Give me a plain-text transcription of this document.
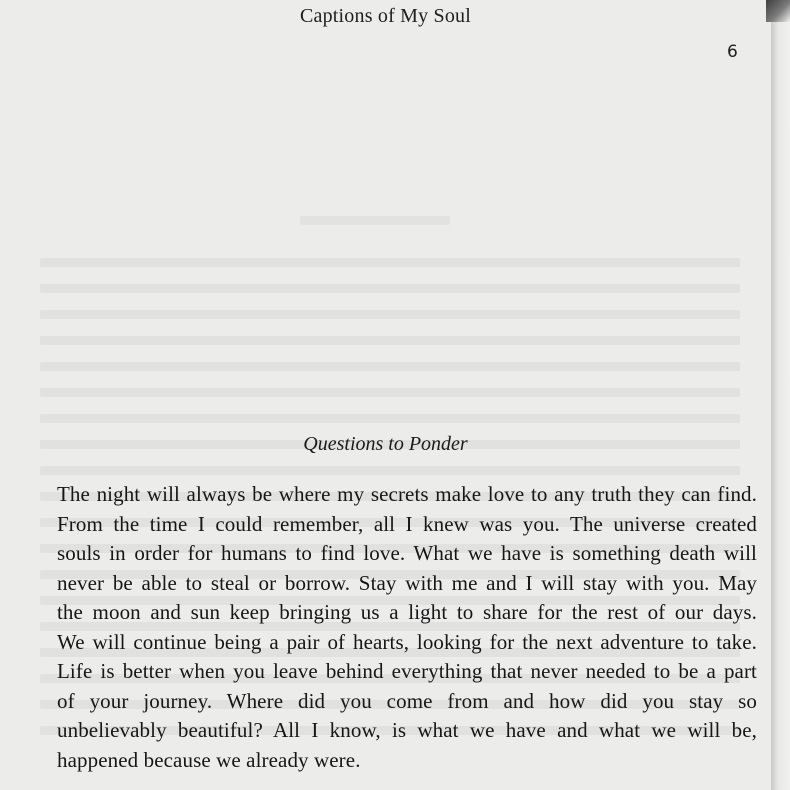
Captions of My Soul
6
Questions to Ponder
The night will always be where my secrets make love to any truth they can find.
From the time I could remember, all I knew was you. The universe created
souls in order for humans to find love. What we have is something death will
never be able to steal or borrow. Stay with me and I will stay with you. May
the moon and sun keep bringing us a light to share for the rest of our days.
We will continue being a pair of hearts, looking for the next adventure to take.
Life is better when you leave behind everything that never needed to be a part
of your journey. Where did you come from and how did you stay so
unbelievably beautiful? All I know, is what we have and what we will be,
happened because we already were.
